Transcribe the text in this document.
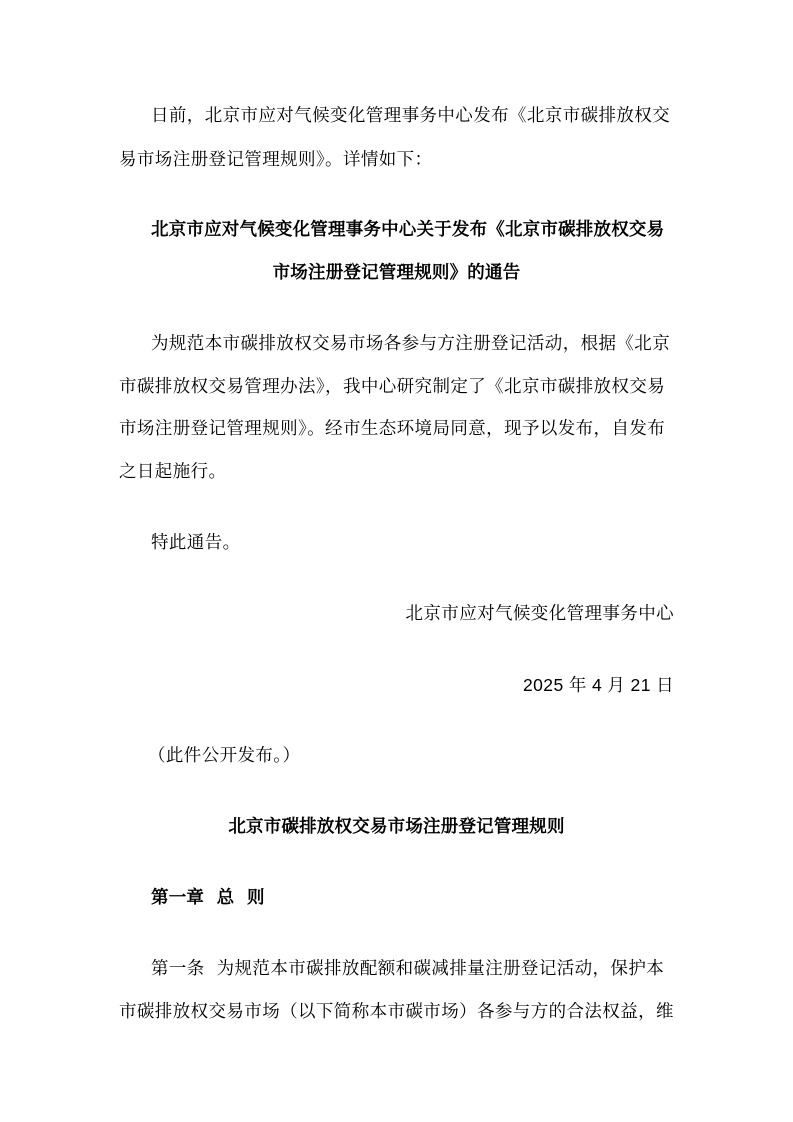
日前，北京市应对气候变化管理事务中心发布《北京市碳排放权交
易市场注册登记管理规则》。详情如下：
北京市应对气候变化管理事务中心关于发布《北京市碳排放权交易
市场注册登记管理规则》的通告
为规范本市碳排放权交易市场各参与方注册登记活动，根据《北京
市碳排放权交易管理办法》，我中心研究制定了《北京市碳排放权交易
市场注册登记管理规则》。经市生态环境局同意，现予以发布，自发布
之日起施行。
特此通告。
北京市应对气候变化管理事务中心
2025 年 4 月 21 日
（此件公开发布。）
北京市碳排放权交易市场注册登记管理规则
第一章  总  则
第一条  为规范本市碳排放配额和碳减排量注册登记活动，保护本
市碳排放权交易市场（以下简称本市碳市场）各参与方的合法权益，维
